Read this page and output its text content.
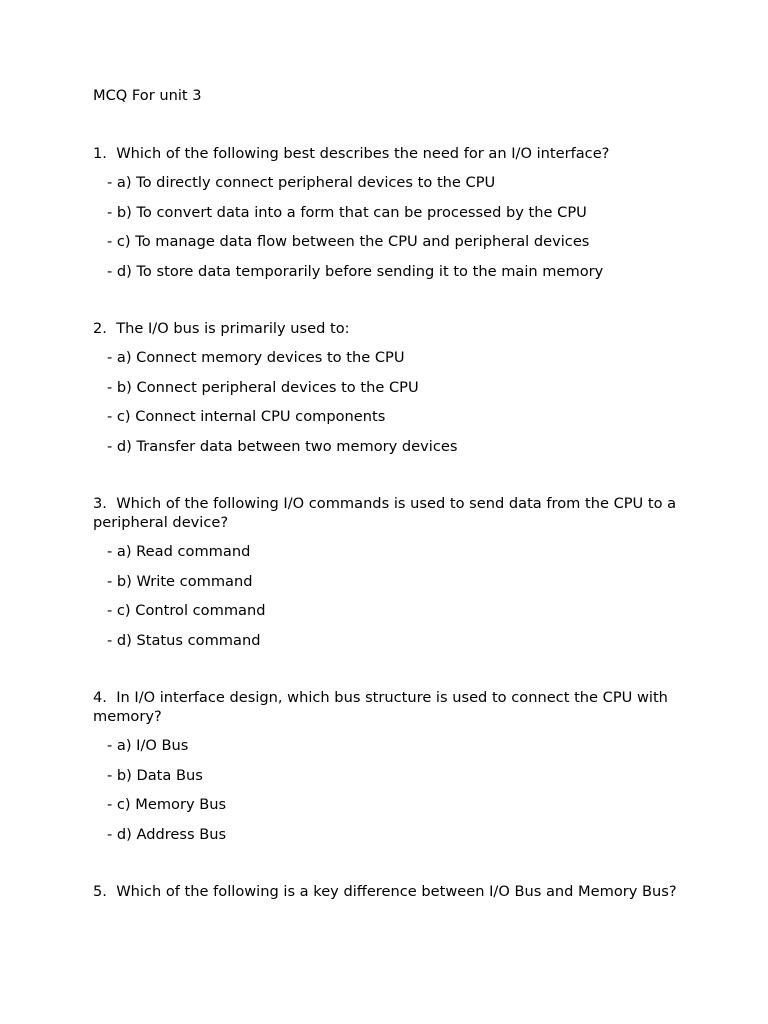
MCQ For unit 3
1.  Which of the following best describes the need for an I/O interface?
- a) To directly connect peripheral devices to the CPU
- b) To convert data into a form that can be processed by the CPU
- c) To manage data flow between the CPU and peripheral devices
- d) To store data temporarily before sending it to the main memory
2.  The I/O bus is primarily used to:
- a) Connect memory devices to the CPU
- b) Connect peripheral devices to the CPU
- c) Connect internal CPU components
- d) Transfer data between two memory devices
3.  Which of the following I/O commands is used to send data from the CPU to a peripheral device?
- a) Read command
- b) Write command
- c) Control command
- d) Status command
4.  In I/O interface design, which bus structure is used to connect the CPU with memory?
- a) I/O Bus
- b) Data Bus
- c) Memory Bus
- d) Address Bus
5.  Which of the following is a key difference between I/O Bus and Memory Bus?
